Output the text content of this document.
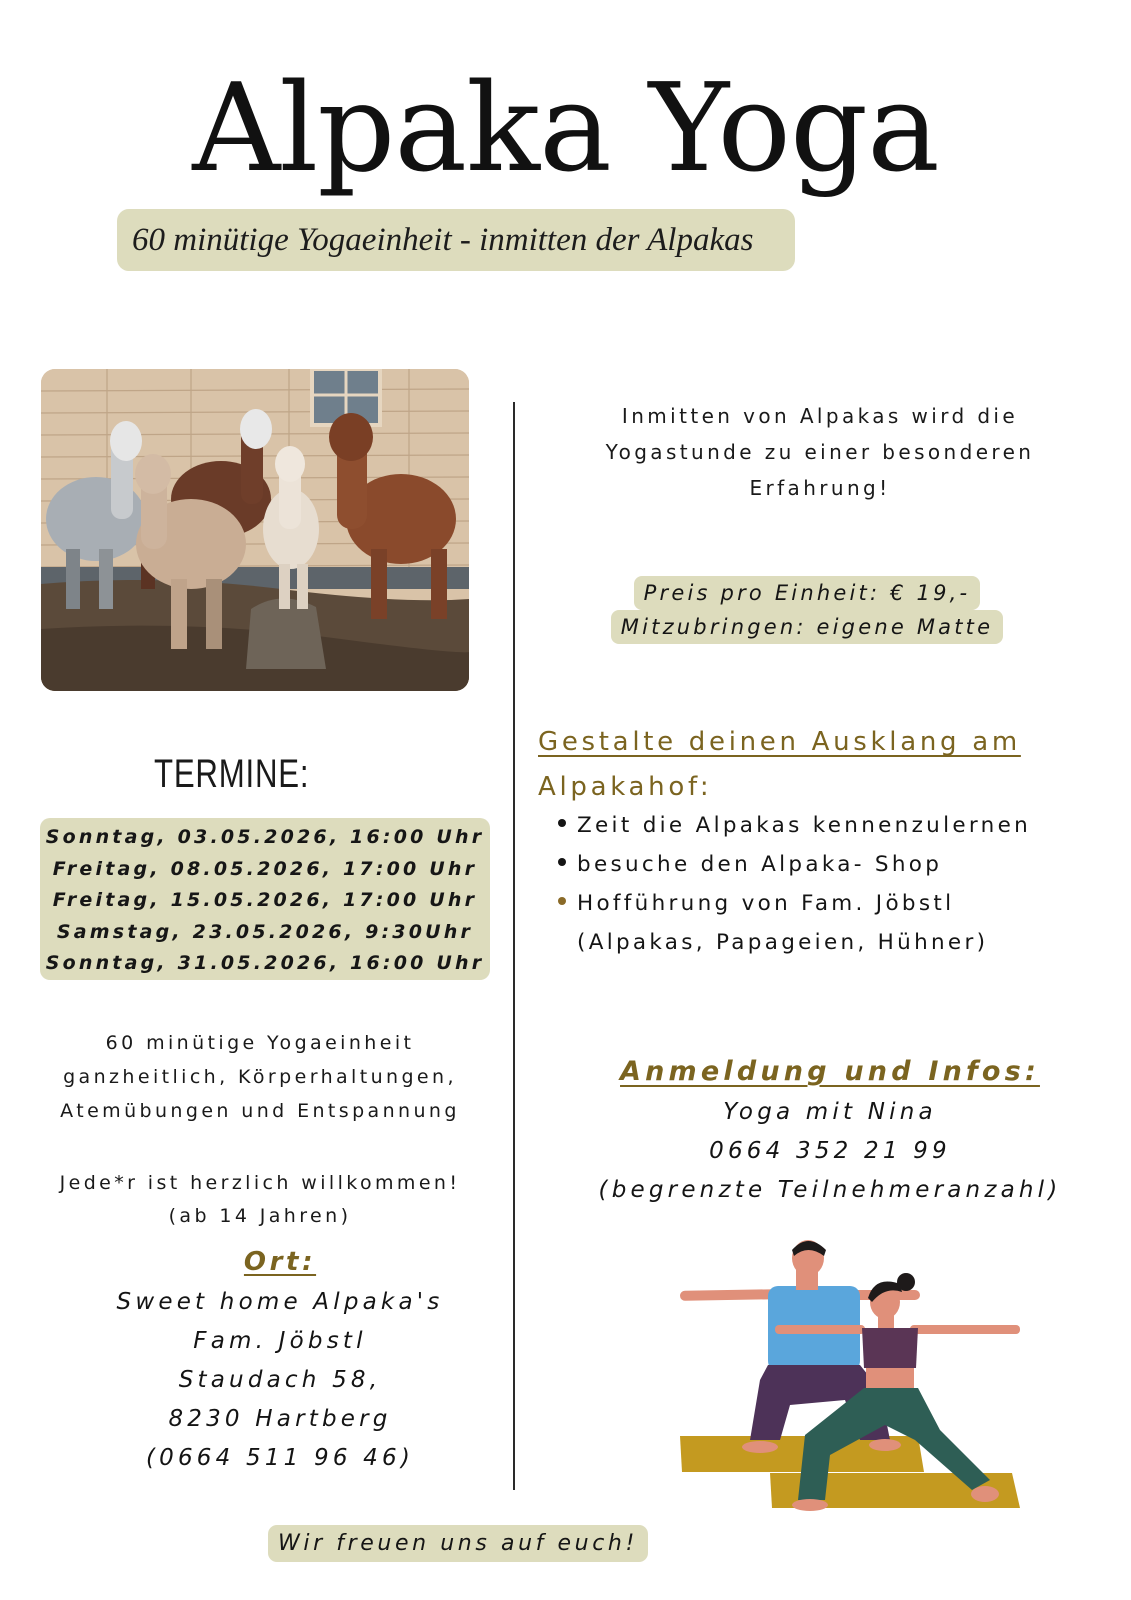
Alpaka Yoga
60 minütige Yogaeinheit - inmitten der Alpakas
Inmitten von Alpakas wird die
Yogastunde zu einer besonderen
Erfahrung!
Preis pro Einheit: € 19,-
Mitzubringen: eigene Matte
TERMINE:
Sonntag, 03.05.2026, 16:00 Uhr
Freitag, 08.05.2026, 17:00 Uhr
Freitag, 15.05.2026, 17:00 Uhr
Samstag, 23.05.2026, 9:30Uhr
Sonntag, 31.05.2026, 16:00 Uhr
Gestalte deinen Ausklang am
Alpakahof:
Zeit die Alpakas kennenzulernen
besuche den Alpaka- Shop
Hofführung von Fam. Jöbstl
(Alpakas, Papageien, Hühner)
60 minütige Yogaeinheit
ganzheitlich, Körperhaltungen,
Atemübungen und Entspannung
Jede*r ist herzlich willkommen!
(ab 14 Jahren)
Ort:
Sweet home Alpaka's
Fam. Jöbstl
Staudach 58,
8230 Hartberg
(0664 511 96 46)
Anmeldung und Infos:
Yoga mit Nina
0664 352 21 99
(begrenzte Teilnehmeranzahl)
Wir freuen uns auf euch!
